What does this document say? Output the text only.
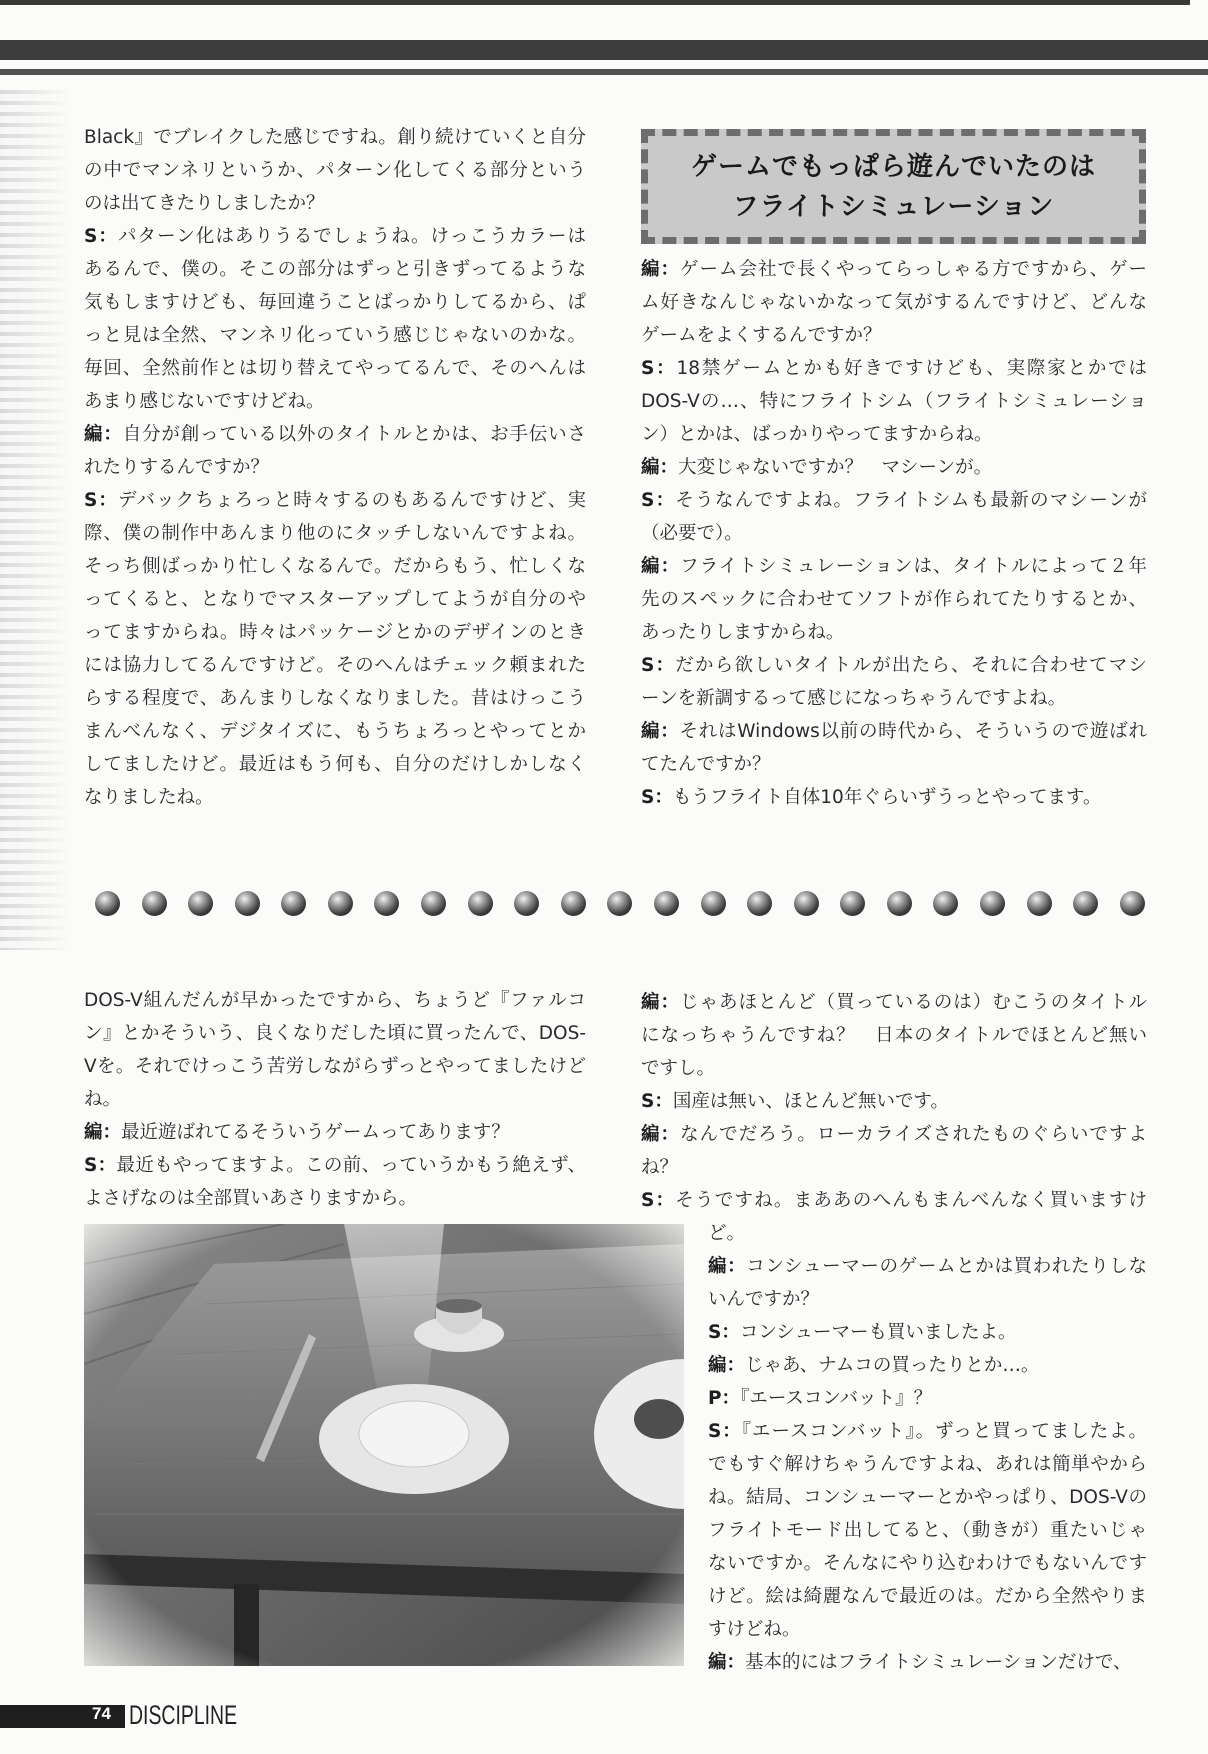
Black』でブレイクした感じですね。創り続けていくと自分
の中でマンネリというか、パターン化してくる部分という
のは出てきたりしましたか？
S：パターン化はありうるでしょうね。けっこうカラーは
あるんで、僕の。そこの部分はずっと引きずってるような
気もしますけども、毎回違うことばっかりしてるから、ぱ
っと見は全然、マンネリ化っていう感じじゃないのかな。
毎回、全然前作とは切り替えてやってるんで、そのへんは
あまり感じないですけどね。
編：自分が創っている以外のタイトルとかは、お手伝いさ
れたりするんですか？
S：デバックちょろっと時々するのもあるんですけど、実
際、僕の制作中あんまり他のにタッチしないんですよね。
そっち側ばっかり忙しくなるんで。だからもう、忙しくな
ってくると、となりでマスターアップしてようが自分のや
ってますからね。時々はパッケージとかのデザインのとき
には協力してるんですけど。そのへんはチェック頼まれた
らする程度で、あんまりしなくなりました。昔はけっこう
まんべんなく、デジタイズに、もうちょろっとやってとか
してましたけど。最近はもう何も、自分のだけしかしなく
なりましたね。
ゲームでもっぱら遊んでいたのは
フライトシミュレーション
編：ゲーム会社で長くやってらっしゃる方ですから、ゲー
ム好きなんじゃないかなって気がするんですけど、どんな
ゲームをよくするんですか？
S：18禁ゲームとかも好きですけども、実際家とかでは
DOS-Vの…、特にフライトシム（フライトシミュレーショ
ン）とかは、ばっかりやってますからね。
編：大変じゃないですか？　マシーンが。
S：そうなんですよね。フライトシムも最新のマシーンが
（必要で）。
編：フライトシミュレーションは、タイトルによって２年
先のスペックに合わせてソフトが作られてたりするとか、
あったりしますからね。
S：だから欲しいタイトルが出たら、それに合わせてマシ
ーンを新調するって感じになっちゃうんですよね。
編：それはWindows以前の時代から、そういうので遊ばれ
てたんですか？
S：もうフライト自体10年ぐらいずうっとやってます。
DOS-V組んだんが早かったですから、ちょうど『ファルコ
ン』とかそういう、良くなりだした頃に買ったんで、DOS-
Vを。それでけっこう苦労しながらずっとやってましたけど
ね。
編：最近遊ばれてるそういうゲームってあります？
S：最近もやってますよ。この前、っていうかもう絶えず、
よさげなのは全部買いあさりますから。
編：じゃあほとんど（買っているのは）むこうのタイトル
になっちゃうんですね？　日本のタイトルでほとんど無い
ですし。
S：国産は無い、ほとんど無いです。
編：なんでだろう。ローカライズされたものぐらいですよ
ね？
S：そうですね。まああのへんもまんべんなく買いますけ
ど。
編：コンシューマーのゲームとかは買われたりしな
いんですか？
S：コンシューマーも買いましたよ。
編：じゃあ、ナムコの買ったりとか…。
P：『エースコンバット』？
S：『エースコンバット』。ずっと買ってましたよ。
でもすぐ解けちゃうんですよね、あれは簡単やから
ね。結局、コンシューマーとかやっぱり、DOS-Vの
フライトモード出してると、（動きが）重たいじゃ
ないですか。そんなにやり込むわけでもないんです
けど。絵は綺麗なんで最近のは。だから全然やりま
すけどね。
編：基本的にはフライトシミュレーションだけで、
74 DISCIPLINE
